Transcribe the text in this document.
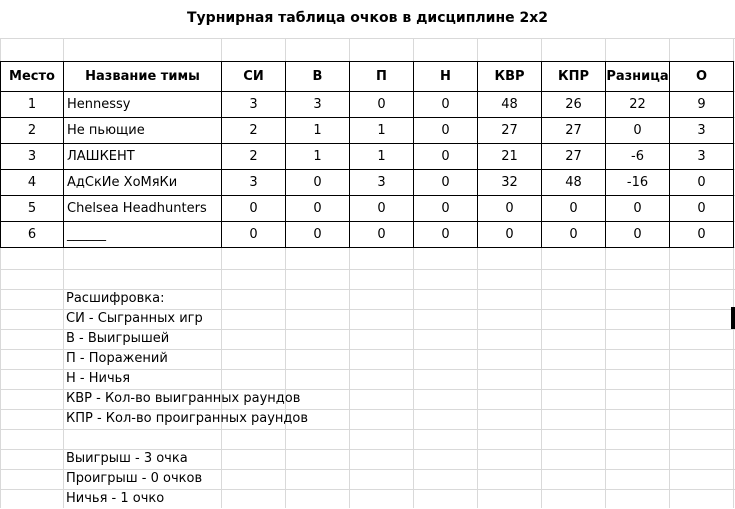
Турнирная таблица очков в дисциплине 2х2
Место	Название тимы	СИ	В	П	Н	КВР	КПР	Разница	О
1	Hennessy	3	3	0	0	48	26	22	9
2	Не пьющие	2	1	1	0	27	27	0	3
3	ЛАШКЕНТ	2	1	1	0	21	27	-6	3
4	АдСкИе ХоМяКи	3	0	3	0	32	48	-16	0
5	Chelsea Headhunters	0	0	0	0	0	0	0	0
6	______	0	0	0	0	0	0	0	0
Расшифровка:
СИ - Сыгранных игр
В - Выигрышей
П - Поражений
Н - Ничья
КВР - Кол-во выигранных раундов
КПР - Кол-во проигранных раундов
Выигрыш - 3 очка
Проигрыш - 0 очков
Ничья - 1 очко
